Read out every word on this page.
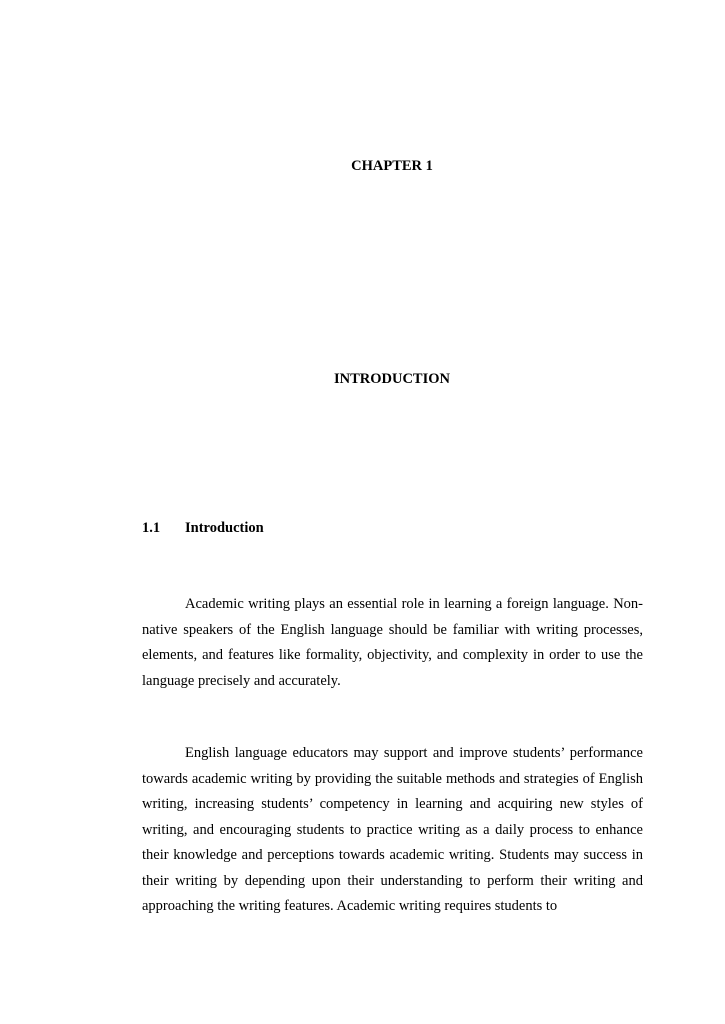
CHAPTER 1
INTRODUCTION
1.1 Introduction

Academic writing plays an essential role in learning a foreign language. Non-native speakers of the English language should be familiar with writing processes, elements, and features like formality, objectivity, and complexity in order to use the language precisely and accurately.

English language educators may support and improve students’ performance towards academic writing by providing the suitable methods and strategies of English writing, increasing students’ competency in learning and acquiring new styles of writing, and encouraging students to practice writing as a daily process to enhance their knowledge and perceptions towards academic writing. Students may success in their writing by depending upon their understanding to perform their writing and approaching the writing features. Academic writing requires students to
